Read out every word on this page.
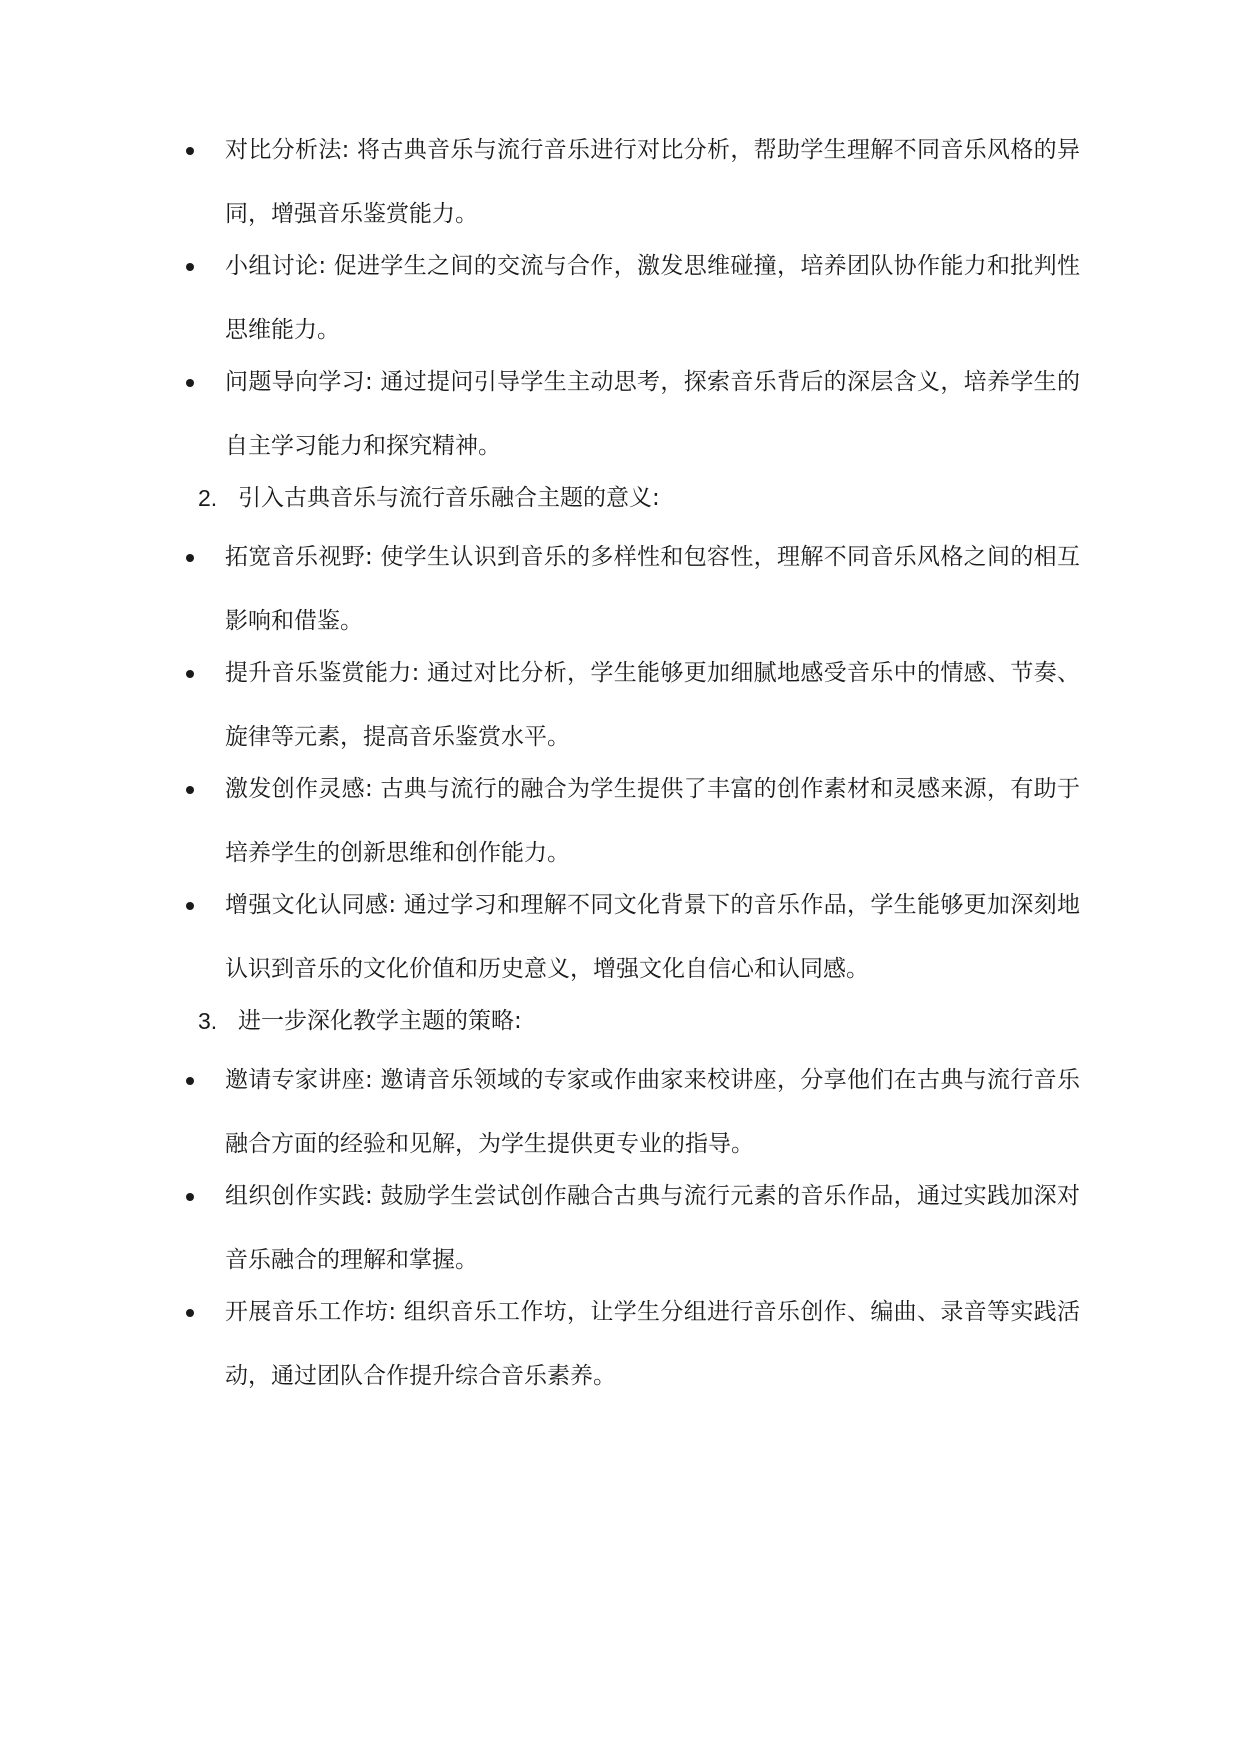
对比分析法: 将古典音乐与流行音乐进行对比分析，帮助学生理解不同音乐风格的异同，增强音乐鉴赏能力。
小组讨论: 促进学生之间的交流与合作，激发思维碰撞，培养团队协作能力和批判性思维能力。
问题导向学习: 通过提问引导学生主动思考，探索音乐背后的深层含义，培养学生的自主学习能力和探究精神。
2. 引入古典音乐与流行音乐融合主题的意义:
拓宽音乐视野: 使学生认识到音乐的多样性和包容性，理解不同音乐风格之间的相互影响和借鉴。
提升音乐鉴赏能力: 通过对比分析，学生能够更加细腻地感受音乐中的情感、节奏、旋律等元素，提高音乐鉴赏水平。
激发创作灵感: 古典与流行的融合为学生提供了丰富的创作素材和灵感来源，有助于培养学生的创新思维和创作能力。
增强文化认同感: 通过学习和理解不同文化背景下的音乐作品，学生能够更加深刻地认识到音乐的文化价值和历史意义，增强文化自信心和认同感。
3. 进一步深化教学主题的策略:
邀请专家讲座: 邀请音乐领域的专家或作曲家来校讲座，分享他们在古典与流行音乐融合方面的经验和见解，为学生提供更专业的指导。
组织创作实践: 鼓励学生尝试创作融合古典与流行元素的音乐作品，通过实践加深对音乐融合的理解和掌握。
开展音乐工作坊: 组织音乐工作坊，让学生分组进行音乐创作、编曲、录音等实践活动，通过团队合作提升综合音乐素养。
